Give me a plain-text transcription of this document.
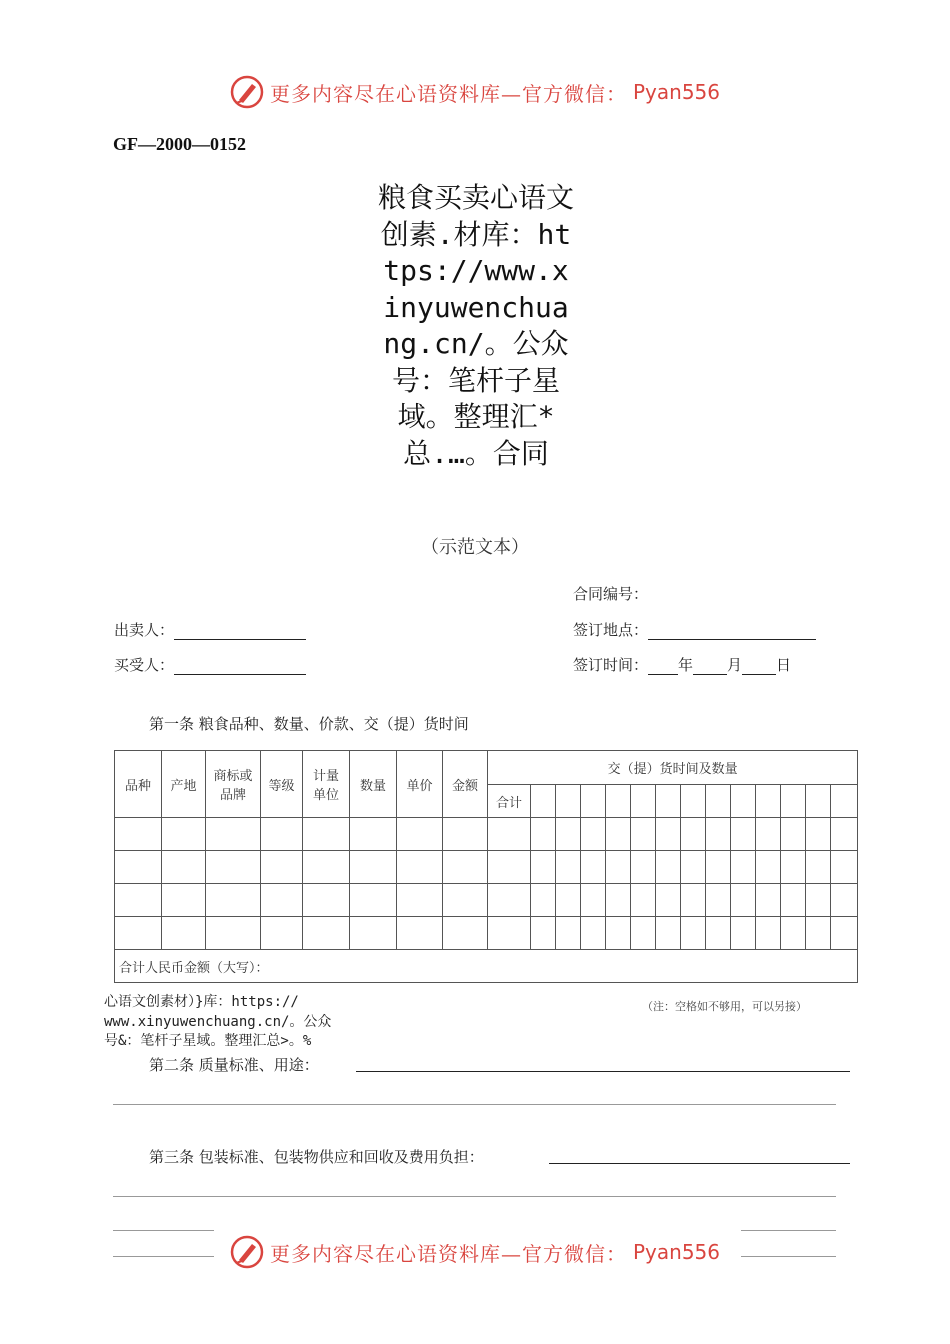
更多内容尽在心语资料库—官方微信： Pyan556
GF—2000—0152
粮食买卖心语文创素.材库：https://www.xinyuwenchuang.cn/。公众号：笔杆子星域。整理汇*总.…。合同
（示范文本）
合同编号：
出卖人：	签订地点：
买受人：	签订时间： 年 月 日
第一条 粮食品种、数量、价款、交（提）货时间
品种	产地	商标或品牌	等级	计量单位	数量	单价	金额	交（提）货时间及数量													
								合计													

合计人民币金额（大写）：																					
（注：空格如不够用，可以另接）
心语文创素材）}库：https://
www.xinyuwenchuang.cn/。公众
号&：笔杆子星域。整理汇总>。%
第二条 质量标准、用途：
第三条 包装标准、包装物供应和回收及费用负担：
更多内容尽在心语资料库—官方微信： Pyan556
